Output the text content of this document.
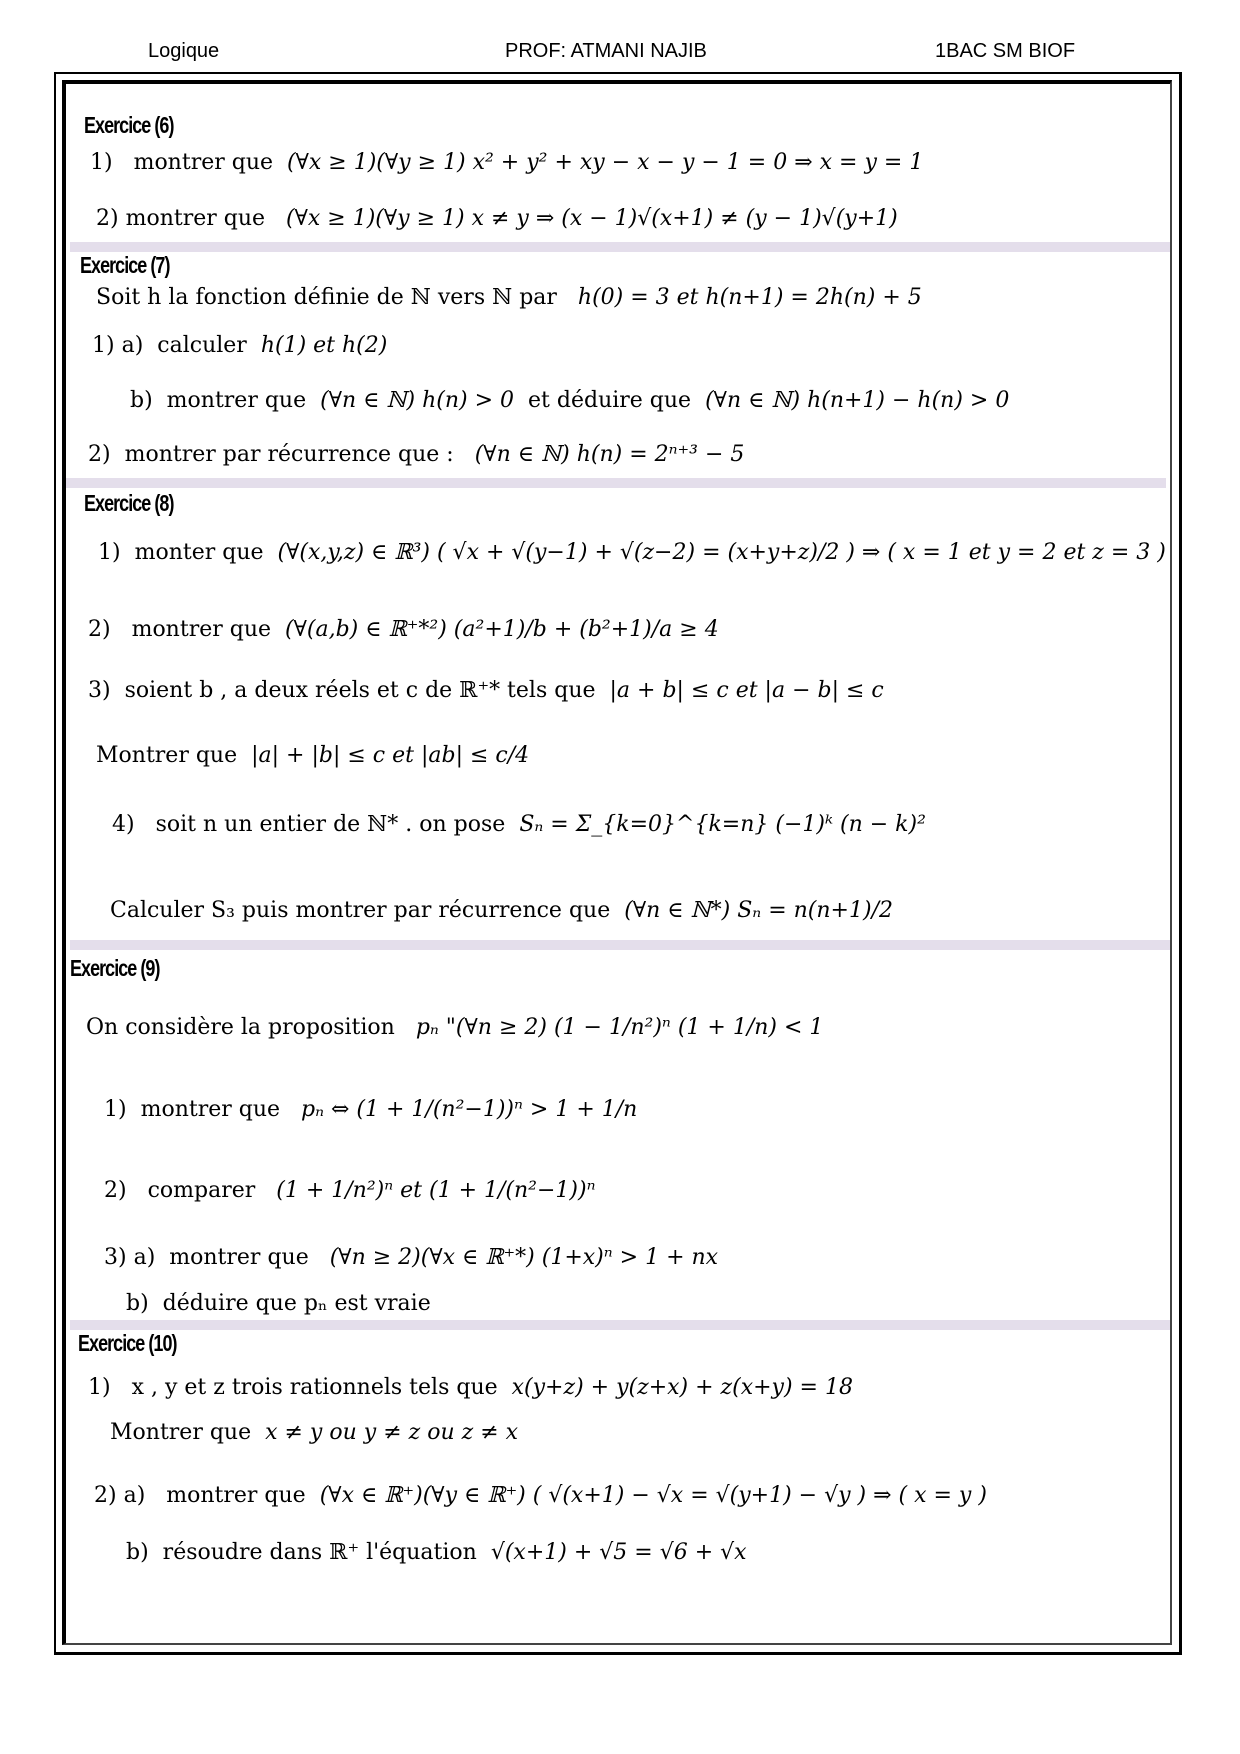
Logique	PROF: ATMANI NAJIB	1BAC SM BIOF
Exercice (6)
1) montrer que (∀x ≥ 1)(∀y ≥ 1) x² + y² + xy − x − y − 1 = 0 ⇒ x = y = 1
2) montrer que (∀x ≥ 1)(∀y ≥ 1) x ≠ y ⇒ (x − 1)√(x+1) ≠ (y − 1)√(y+1)
Exercice (7)
Soit h la fonction définie de ℕ vers ℕ par h(0) = 3 et h(n+1) = 2h(n) + 5
1) a) calculer h(1) et h(2)
b) montrer que (∀n ∈ ℕ) h(n) > 0 et déduire que (∀n ∈ ℕ) h(n+1) − h(n) > 0
2) montrer par récurrence que : (∀n ∈ ℕ) h(n) = 2ⁿ⁺³ − 5
Exercice (8)
1) monter que (∀(x,y,z) ∈ ℝ³) ( √x + √(y−1) + √(z−2) = (x+y+z)/2 ) ⇒ ( x = 1 et y = 2 et z = 3 )
2) montrer que (∀(a,b) ∈ ℝ⁺*²) (a²+1)/b + (b²+1)/a ≥ 4
3) soient b , a deux réels et c de ℝ⁺* tels que |a + b| ≤ c et |a − b| ≤ c
Montrer que |a| + |b| ≤ c et |ab| ≤ c/4
4) soit n un entier de ℕ* . on pose Sₙ = Σ_{k=0}^{k=n} (−1)ᵏ (n − k)²
Calculer S₃ puis montrer par récurrence que (∀n ∈ ℕ*) Sₙ = n(n+1)/2
Exercice (9)
On considère la proposition pₙ "(∀n ≥ 2) (1 − 1/n²)ⁿ (1 + 1/n) < 1
1) montrer que pₙ ⇔ (1 + 1/(n²−1))ⁿ > 1 + 1/n
2) comparer (1 + 1/n²)ⁿ et (1 + 1/(n²−1))ⁿ
3) a) montrer que (∀n ≥ 2)(∀x ∈ ℝ⁺*) (1+x)ⁿ > 1 + nx
b) déduire que pₙ est vraie
Exercice (10)
1) x , y et z trois rationnels tels que x(y+z) + y(z+x) + z(x+y) = 18
Montrer que x ≠ y ou y ≠ z ou z ≠ x
2) a) montrer que (∀x ∈ ℝ⁺)(∀y ∈ ℝ⁺) ( √(x+1) − √x = √(y+1) − √y ) ⇒ ( x = y )
b) résoudre dans ℝ⁺ l'équation √(x+1) + √5 = √6 + √x
